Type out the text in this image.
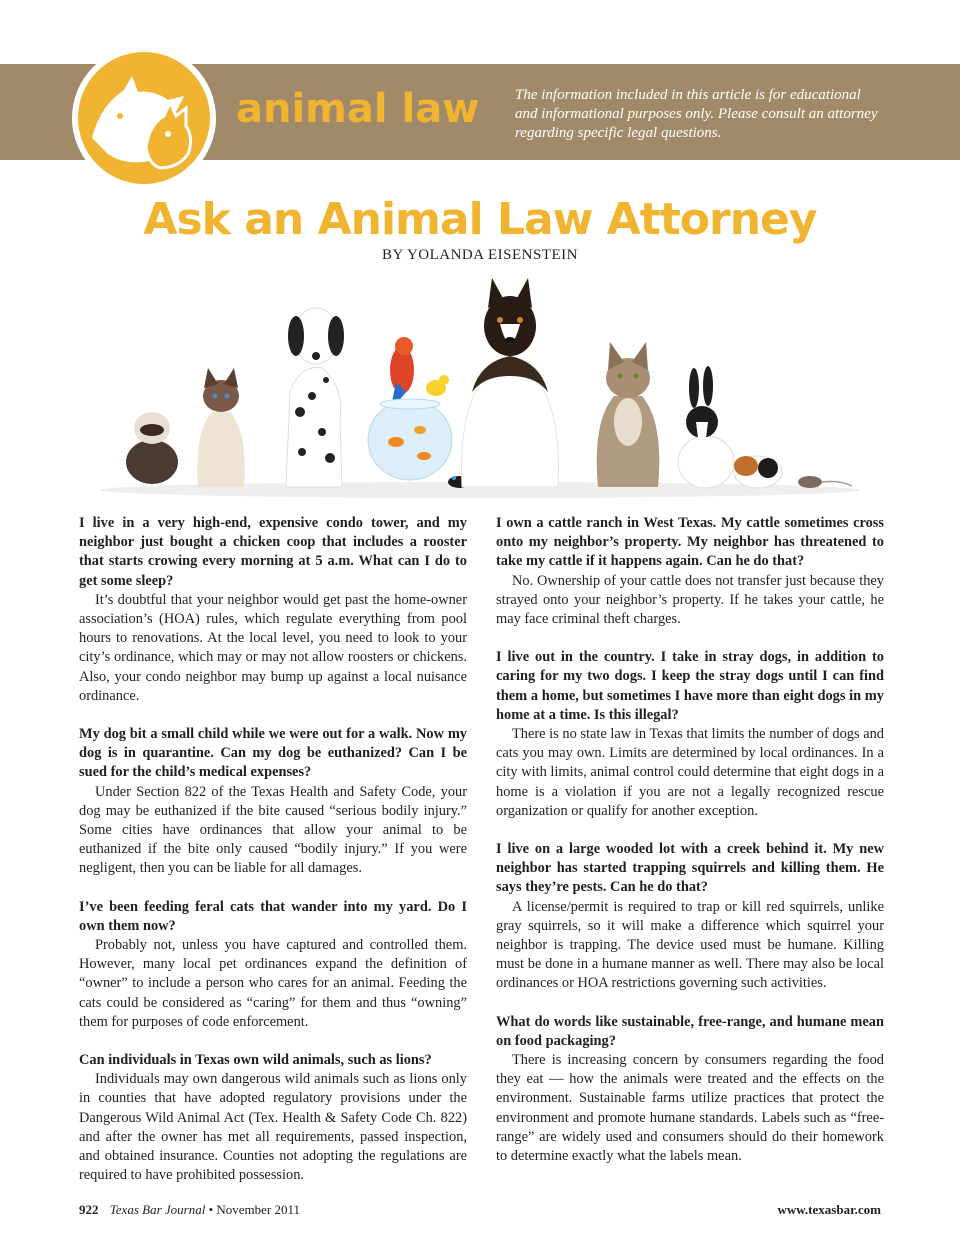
animal law The information included in this article is for educational and informational purposes only. Please consult an attorney regarding specific legal questions.
Ask an Animal Law Attorney
BY YOLANDA EISENSTEIN

I live in a very high-end, expensive condo tower, and my neighbor just bought a chicken coop that includes a rooster that starts crowing every morning at 5 a.m. What can I do to get some sleep?

It’s doubtful that your neighbor would get past the home-owner association’s (HOA) rules, which regulate everything from pool hours to renovations. At the local level, you need to look to your city’s ordinance, which may or may not allow roosters or chickens. Also, your condo neighbor may bump up against a local nuisance ordinance.

My dog bit a small child while we were out for a walk. Now my dog is in quarantine. Can my dog be euthanized? Can I be sued for the child’s medical expenses?

Under Section 822 of the Texas Health and Safety Code, your dog may be euthanized if the bite caused “serious bodily injury.” Some cities have ordinances that allow your animal to be euthanized if the bite only caused “bodily injury.” If you were negligent, then you can be liable for all damages.

I’ve been feeding feral cats that wander into my yard. Do I own them now?

Probably not, unless you have captured and controlled them. However, many local pet ordinances expand the definition of “owner” to include a person who cares for an animal. Feeding the cats could be considered as “caring” for them and thus “owning” them for purposes of code enforcement.

Can individuals in Texas own wild animals, such as lions?

Individuals may own dangerous wild animals such as lions only in counties that have adopted regulatory provisions under the Dangerous Wild Animal Act (Tex. Health & Safety Code Ch. 822) and after the owner has met all requirements, passed inspection, and obtained insurance. Counties not adopting the regulations are required to have prohibited possession.

I own a cattle ranch in West Texas. My cattle sometimes cross onto my neighbor’s property. My neighbor has threatened to take my cattle if it happens again. Can he do that?

No. Ownership of your cattle does not transfer just because they strayed onto your neighbor’s property. If he takes your cattle, he may face criminal theft charges.

I live out in the country. I take in stray dogs, in addition to caring for my two dogs. I keep the stray dogs until I can find them a home, but sometimes I have more than eight dogs in my home at a time. Is this illegal?

There is no state law in Texas that limits the number of dogs and cats you may own. Limits are determined by local ordinances. In a city with limits, animal control could determine that eight dogs in a home is a violation if you are not a legally recognized rescue organization or qualify for another exception.

I live on a large wooded lot with a creek behind it. My new neighbor has started trapping squirrels and killing them. He says they’re pests. Can he do that?

A license/permit is required to trap or kill red squirrels, unlike gray squirrels, so it will make a difference which squirrel your neighbor is trapping. The device used must be humane. Killing must be done in a humane manner as well. There may also be local ordinances or HOA restrictions governing such activities.

What do words like sustainable, free-range, and humane mean on food packaging?

There is increasing concern by consumers regarding the food they eat — how the animals were treated and the effects on the environment. Sustainable farms utilize practices that protect the environment and promote humane standards. Labels such as “free-range” are widely used and consumers should do their homework to determine exactly what the labels mean.

922 Texas Bar Journal • November 2011	www.texasbar.com
